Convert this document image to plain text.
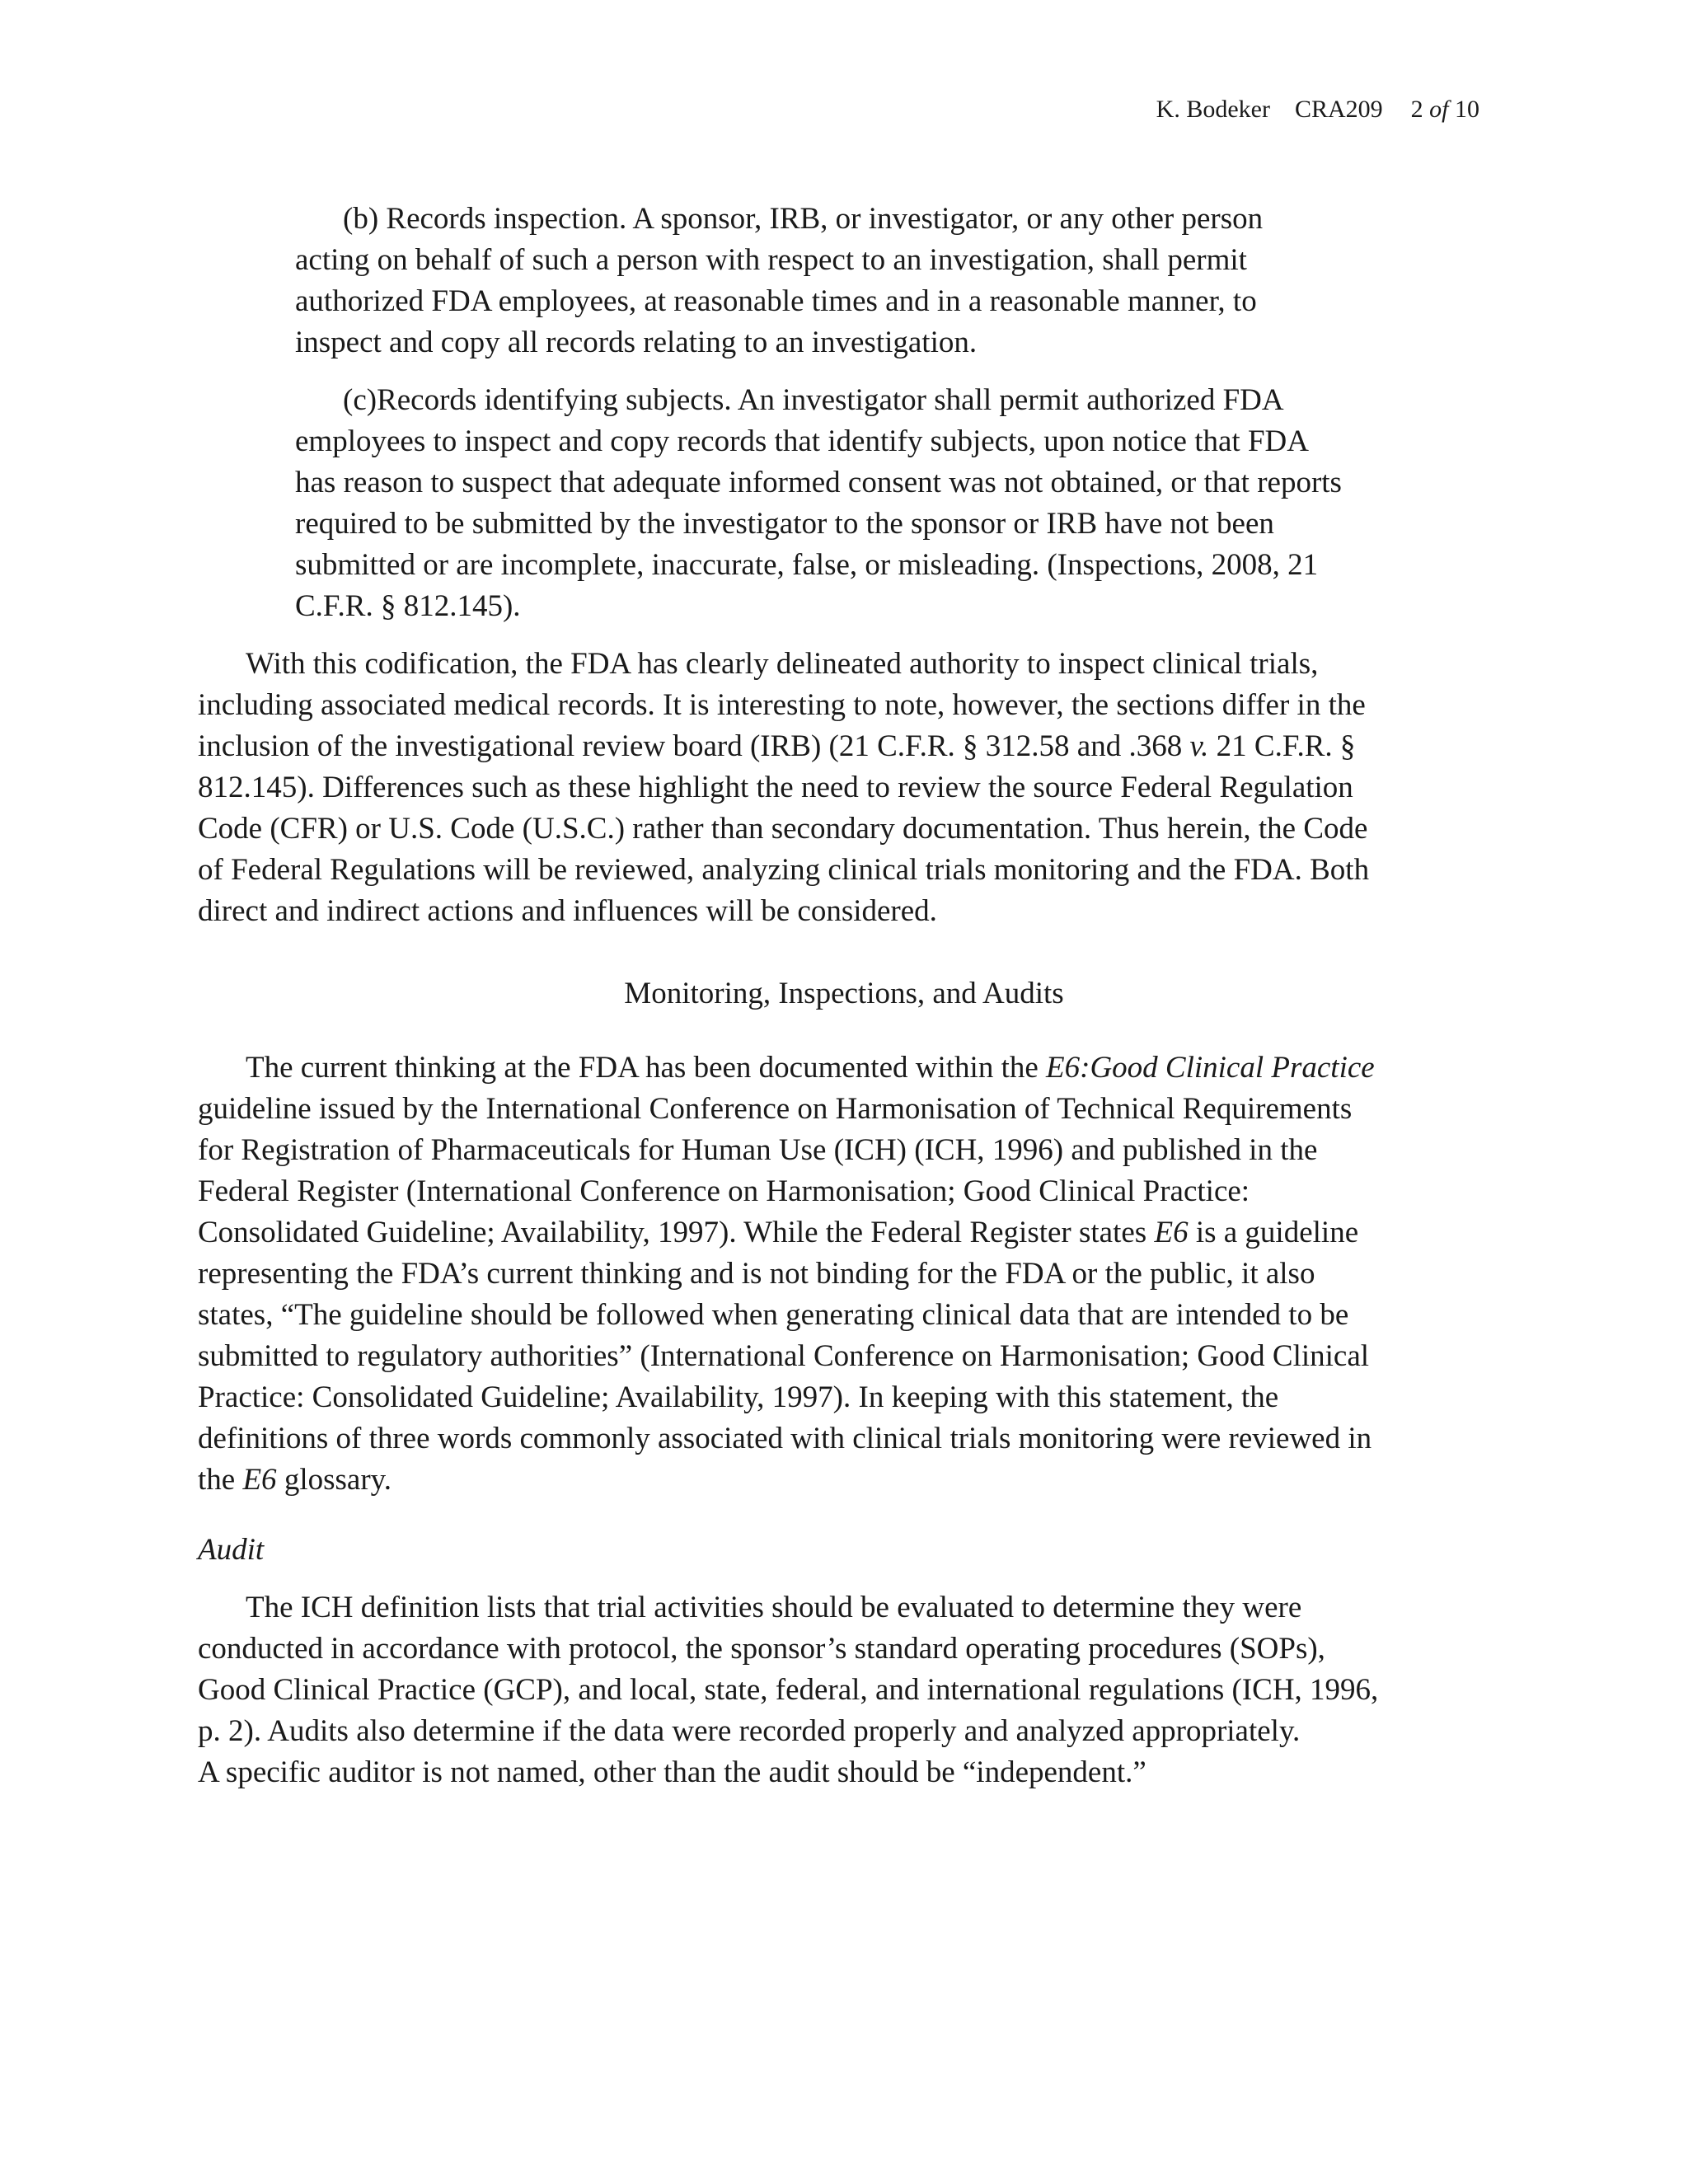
K. Bodeker CRA209 2 of 10
(b) Records inspection. A sponsor, IRB, or investigator, or any other person
acting on behalf of such a person with respect to an investigation, shall permit
authorized FDA employees, at reasonable times and in a reasonable manner, to
inspect and copy all records relating to an investigation.
(c)Records identifying subjects. An investigator shall permit authorized FDA
employees to inspect and copy records that identify subjects, upon notice that FDA
has reason to suspect that adequate informed consent was not obtained, or that reports
required to be submitted by the investigator to the sponsor or IRB have not been
submitted or are incomplete, inaccurate, false, or misleading. (Inspections, 2008, 21
C.F.R. § 812.145).
With this codification, the FDA has clearly delineated authority to inspect clinical trials,
including associated medical records. It is interesting to note, however, the sections differ in the
inclusion of the investigational review board (IRB) (21 C.F.R. § 312.58 and .368 v. 21 C.F.R. §
812.145). Differences such as these highlight the need to review the source Federal Regulation
Code (CFR) or U.S. Code (U.S.C.) rather than secondary documentation. Thus herein, the Code
of Federal Regulations will be reviewed, analyzing clinical trials monitoring and the FDA. Both
direct and indirect actions and influences will be considered.
Monitoring, Inspections, and Audits
The current thinking at the FDA has been documented within the E6:Good Clinical Practice
guideline issued by the International Conference on Harmonisation of Technical Requirements
for Registration of Pharmaceuticals for Human Use (ICH) (ICH, 1996) and published in the
Federal Register (International Conference on Harmonisation; Good Clinical Practice:
Consolidated Guideline; Availability, 1997). While the Federal Register states E6 is a guideline
representing the FDA’s current thinking and is not binding for the FDA or the public, it also
states, “The guideline should be followed when generating clinical data that are intended to be
submitted to regulatory authorities” (International Conference on Harmonisation; Good Clinical
Practice: Consolidated Guideline; Availability, 1997). In keeping with this statement, the
definitions of three words commonly associated with clinical trials monitoring were reviewed in
the E6 glossary.
Audit
The ICH definition lists that trial activities should be evaluated to determine they were
conducted in accordance with protocol, the sponsor’s standard operating procedures (SOPs),
Good Clinical Practice (GCP), and local, state, federal, and international regulations (ICH, 1996,
p. 2). Audits also determine if the data were recorded properly and analyzed appropriately.
A specific auditor is not named, other than the audit should be “independent.”
